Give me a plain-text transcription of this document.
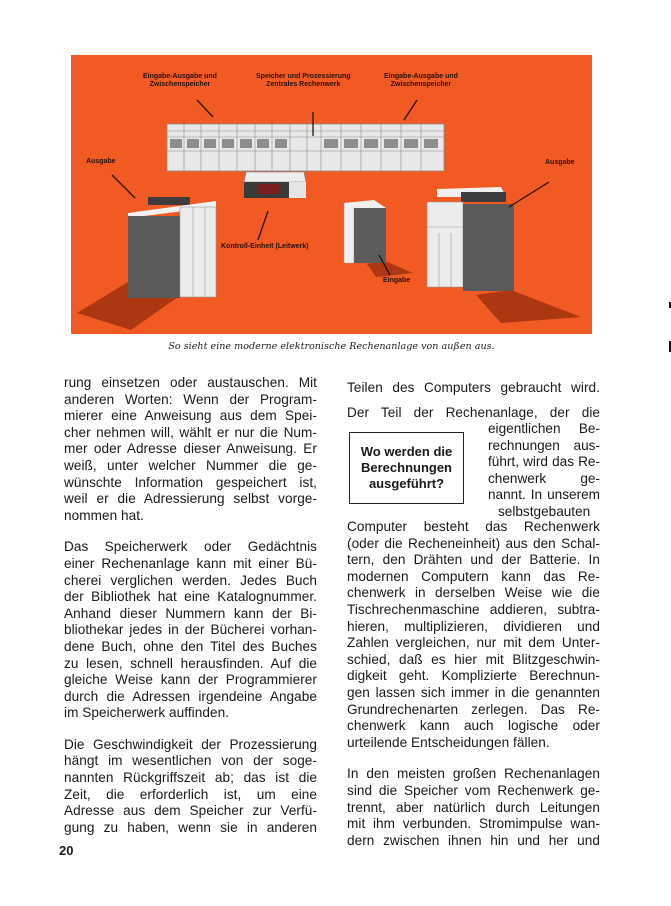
Eingabe-Ausgabe und
Zwischenspeicher
Speicher und Prozessierung
Zentrales Rechenwerk
Eingabe-Ausgabe und
Zwischenspeicher
Ausgabe	Ausgabe
Kontroll-Einheit (Leitwerk)
Eingabe
So sieht eine moderne elektronische Rechenanlage von außen aus.

rung einsetzen oder austauschen. Mit
anderen Worten: Wenn der Program-
mierer eine Anweisung aus dem Spei-
cher nehmen will, wählt er nur die Num-
mer oder Adresse dieser Anweisung. Er
weiß, unter welcher Nummer die ge-
wünschte Information gespeichert ist,
weil er die Adressierung selbst vorge-
nommen hat.

Das Speicherwerk oder Gedächtnis
einer Rechenanlage kann mit einer Bü-
cherei verglichen werden. Jedes Buch
der Bibliothek hat eine Katalognummer.
Anhand dieser Nummern kann der Bi-
bliothekar jedes in der Bücherei vorhan-
dene Buch, ohne den Titel des Buches
zu lesen, schnell herausfinden. Auf die
gleiche Weise kann der Programmierer
durch die Adressen irgendeine Angabe
im Speicherwerk auffinden.

Die Geschwindigkeit der Prozessierung
hängt im wesentlichen von der soge-
nannten Rückgriffszeit ab; das ist die
Zeit, die erforderlich ist, um eine
Adresse aus dem Speicher zur Verfü-
gung zu haben, wenn sie in anderen

Teilen des Computers gebraucht wird.
Der Teil der Rechenanlage, der die
Wo werden die
Berechnungen
ausgeführt?
eigentlichen Be-
rechnungen aus-
führt, wird das Re-
chenwerk ge-
nannt. In unserem
selbstgebauten

Computer besteht das Rechenwerk
(oder die Recheneinheit) aus den Schal-
tern, den Drähten und der Batterie. In
modernen Computern kann das Re-
chenwerk in derselben Weise wie die
Tischrechenmaschine addieren, subtra-
hieren, multiplizieren, dividieren und
Zahlen vergleichen, nur mit dem Unter-
schied, daß es hier mit Blitzgeschwin-
digkeit geht. Komplizierte Berechnun-
gen lassen sich immer in die genannten
Grundrechenarten zerlegen. Das Re-
chenwerk kann auch logische oder
urteilende Entscheidungen fällen.

In den meisten großen Rechenanlagen
sind die Speicher vom Rechenwerk ge-
trennt, aber natürlich durch Leitungen
mit ihm verbunden. Stromimpulse wan-
dern zwischen ihnen hin und her und

20
